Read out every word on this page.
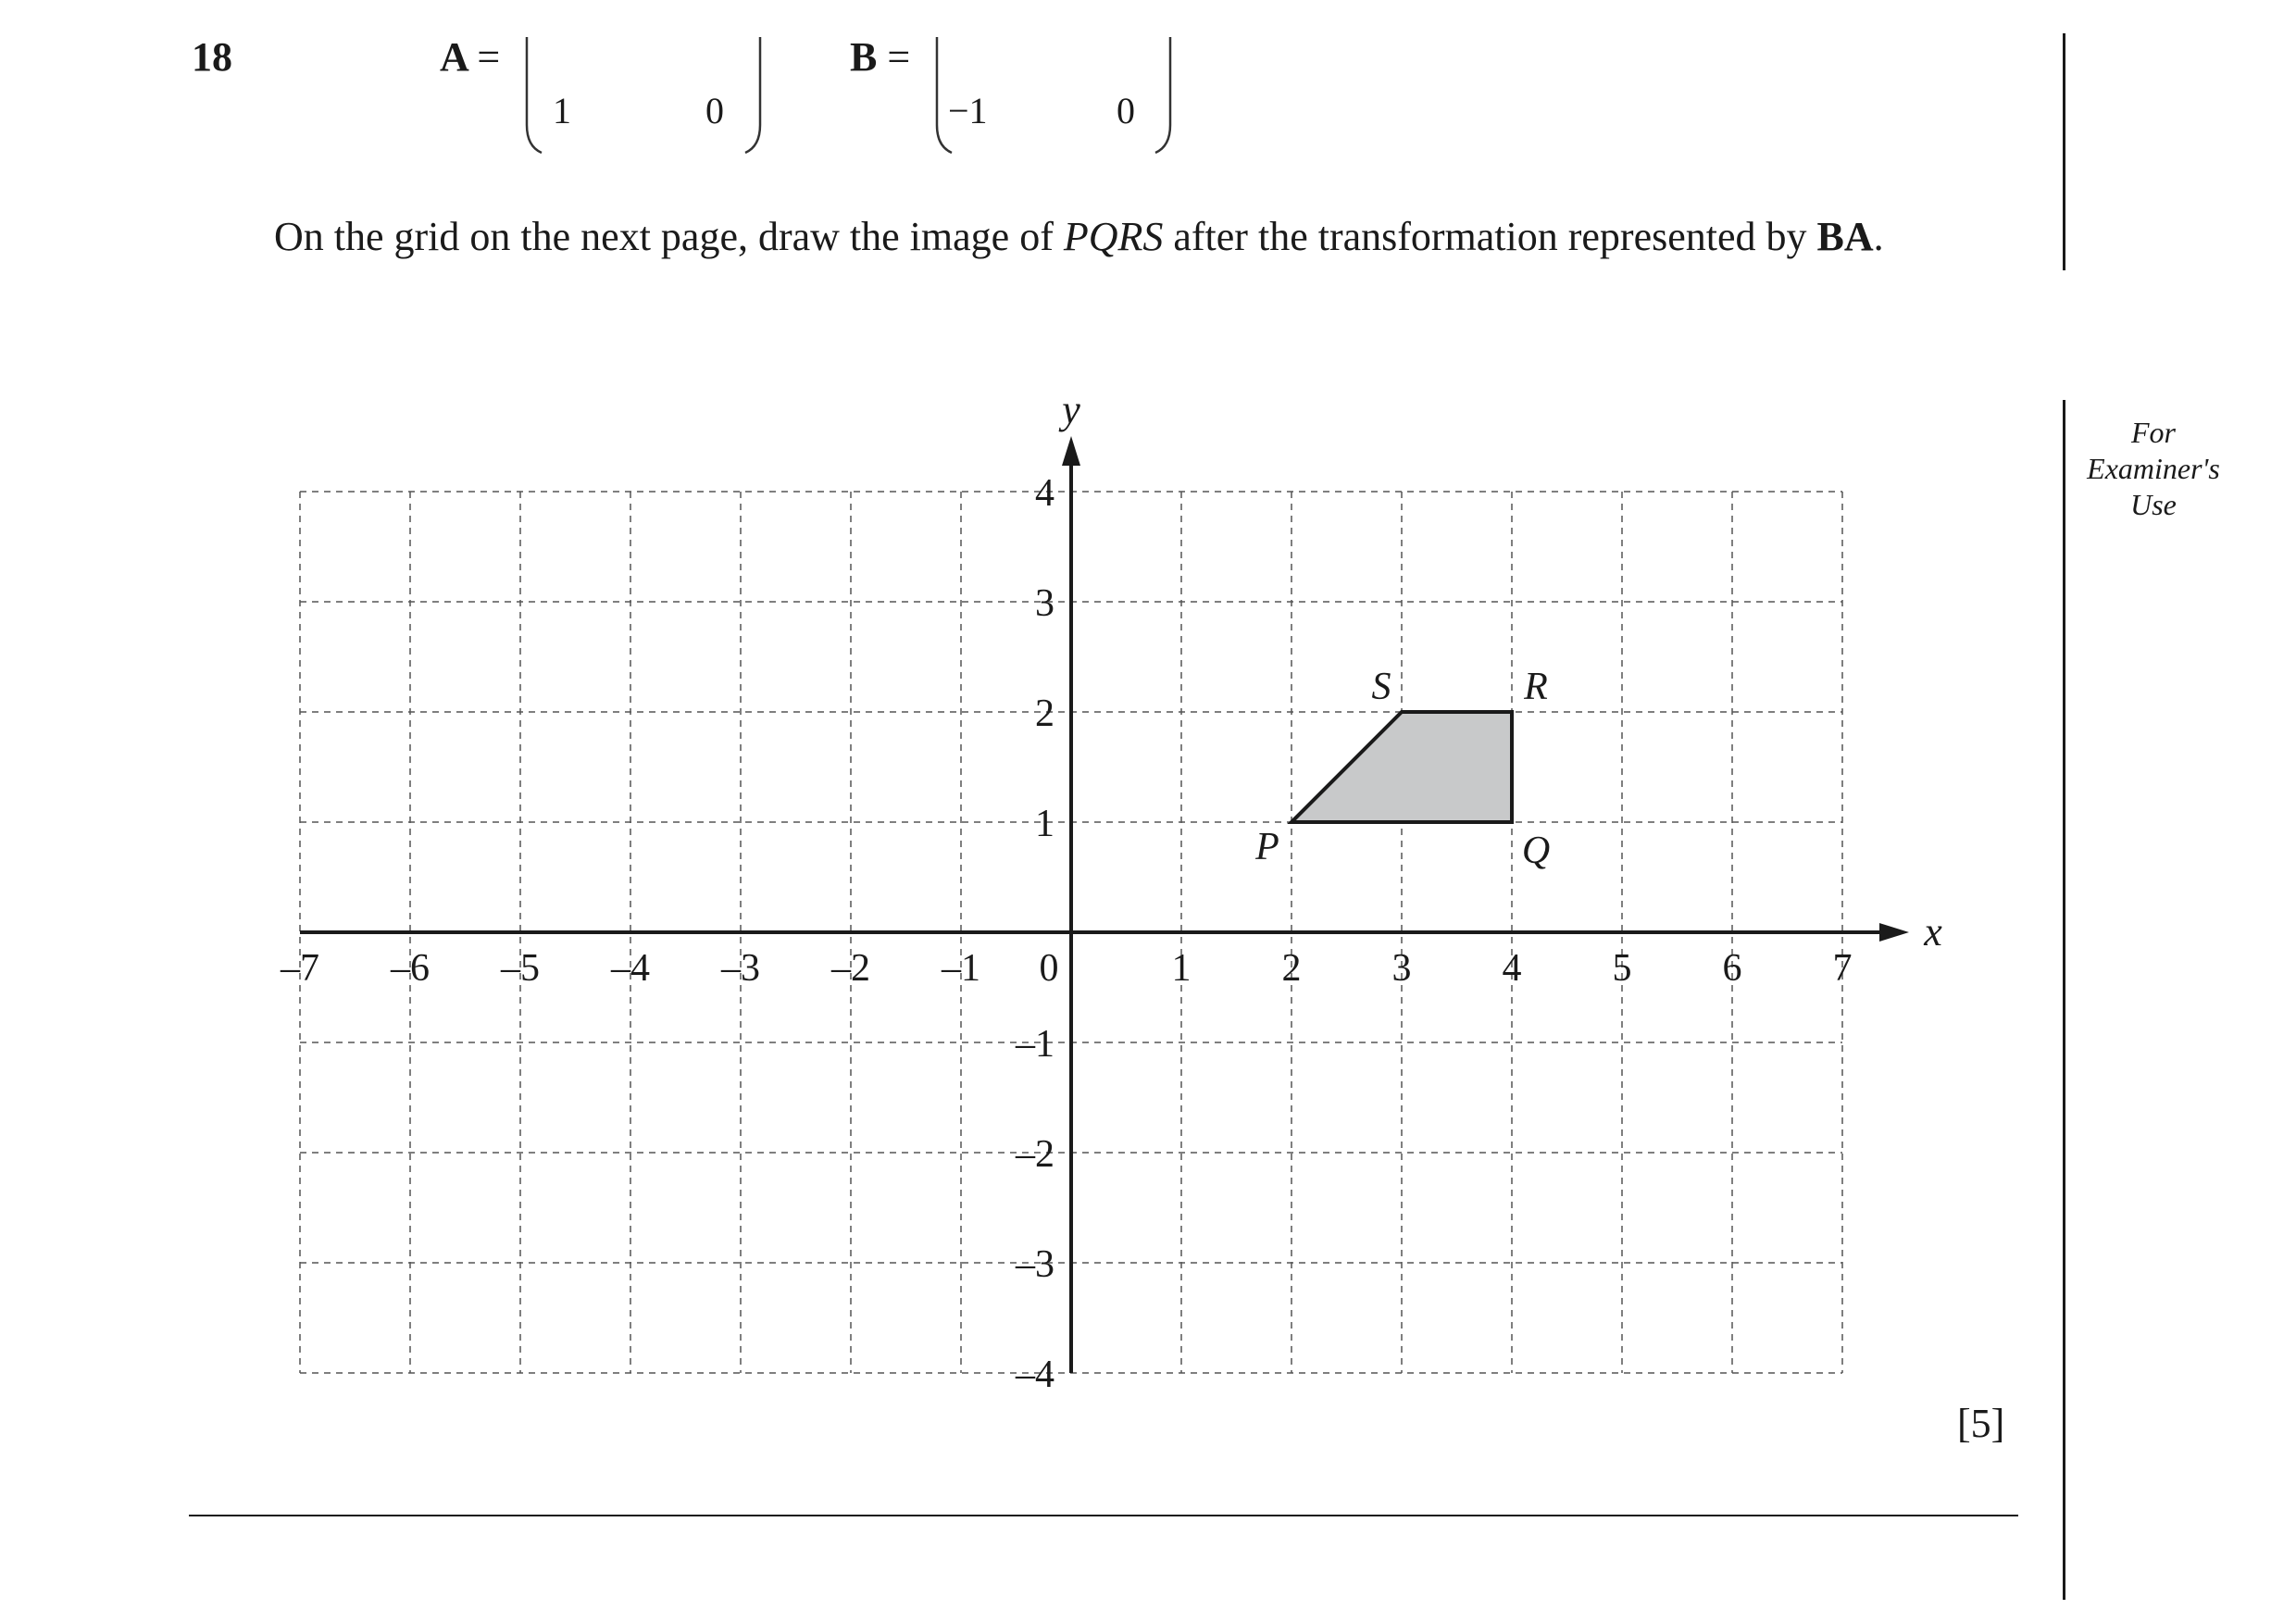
18	A =
1	0
B =
−1	0
On the grid on the next page, draw the image of PQRS after the transformation represented by BA.
For
Examiner's
Use
x
y
–7 –6 –5 –4 –3 –2 –1 0	1 2 3 4 5 6 7
4
3
2
1
–1
–2
–3
–4
P	Q
R
S
[5]
